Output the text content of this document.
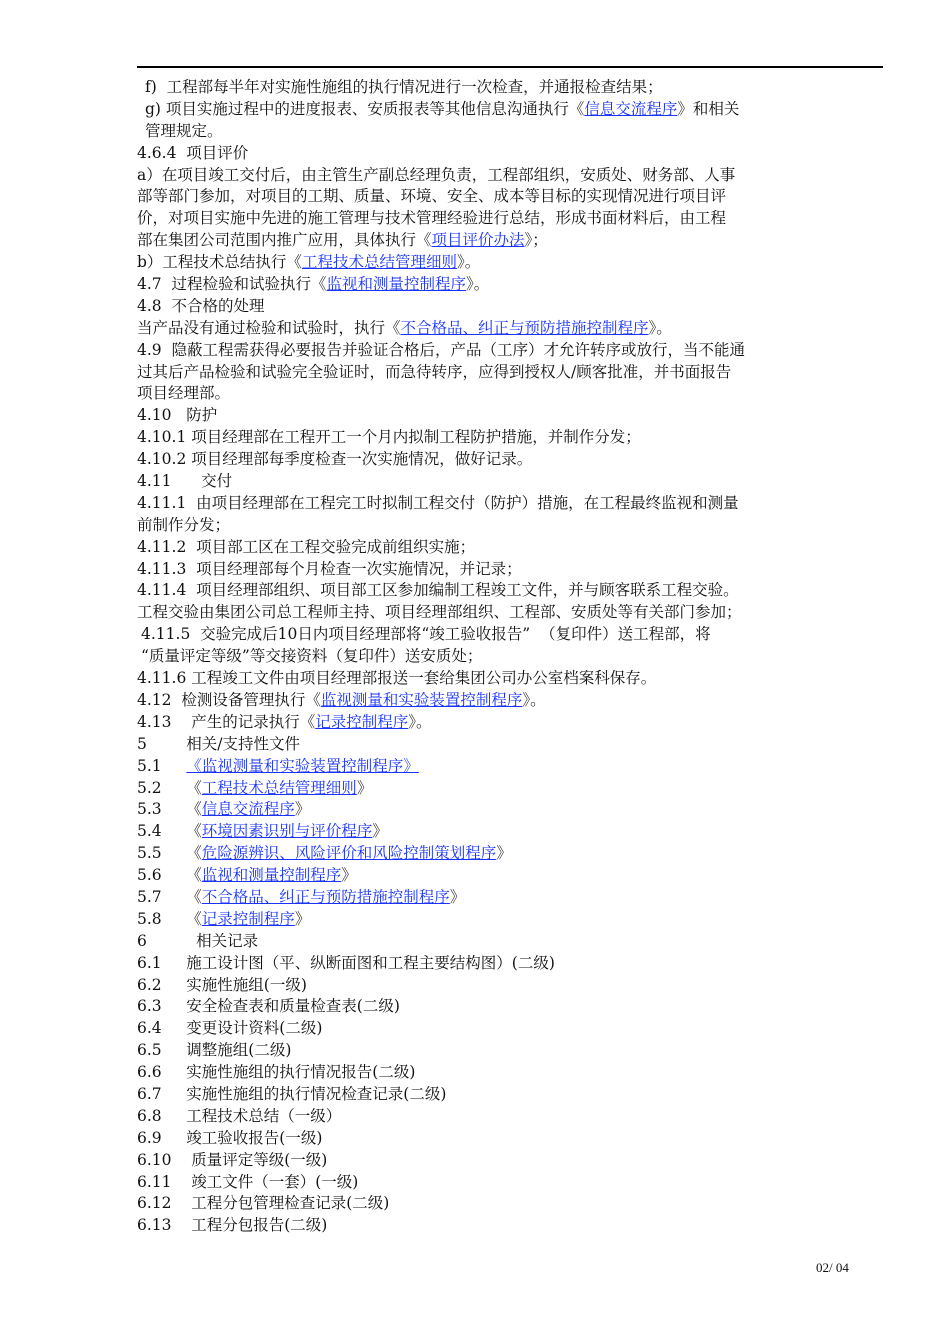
f)  工程部每半年对实施性施组的执行情况进行一次检查，并通报检查结果；
g) 项目实施过程中的进度报表、安质报表等其他信息沟通执行《信息交流程序》和相关
管理规定。
4.6.4  项目评价
a）在项目竣工交付后，由主管生产副总经理负责，工程部组织，安质处、财务部、人事
部等部门参加，对项目的工期、质量、环境、安全、成本等目标的实现情况进行项目评
价，对项目实施中先进的施工管理与技术管理经验进行总结，形成书面材料后，由工程
部在集团公司范围内推广应用，具体执行《项目评价办法》；
b）工程技术总结执行《工程技术总结管理细则》。
4.7  过程检验和试验执行《监视和测量控制程序》。
4.8  不合格的处理
当产品没有通过检验和试验时，执行《不合格品、纠正与预防措施控制程序》。
4.9  隐蔽工程需获得必要报告并验证合格后，产品（工序）才允许转序或放行，当不能通
过其后产品检验和试验完全验证时，而急待转序，应得到授权人/顾客批准，并书面报告
项目经理部。
4.10   防护
4.10.1 项目经理部在工程开工一个月内拟制工程防护措施，并制作分发；
4.10.2 项目经理部每季度检查一次实施情况，做好记录。
4.11      交付
4.11.1  由项目经理部在工程完工时拟制工程交付（防护）措施，在工程最终监视和测量
前制作分发；
4.11.2  项目部工区在工程交验完成前组织实施；
4.11.3  项目经理部每个月检查一次实施情况，并记录；
4.11.4  项目经理部组织、项目部工区参加编制工程竣工文件，并与顾客联系工程交验。
工程交验由集团公司总工程师主持、项目经理部组织、工程部、安质处等有关部门参加；
4.11.5  交验完成后10日内项目经理部将“竣工验收报告”  （复印件）送工程部，将
“质量评定等级”等交接资料（复印件）送安质处；
4.11.6 工程竣工文件由项目经理部报送一套给集团公司办公室档案科保存。
4.12  检测设备管理执行《监视测量和实验装置控制程序》。
4.13    产生的记录执行《记录控制程序》。
5        相关/支持性文件
5.1     《监视测量和实验装置控制程序》
5.2     《工程技术总结管理细则》
5.3     《信息交流程序》
5.4     《环境因素识别与评价程序》
5.5     《危险源辨识、风险评价和风险控制策划程序》
5.6     《监视和测量控制程序》
5.7     《不合格品、纠正与预防措施控制程序》
5.8     《记录控制程序》
6          相关记录
6.1     施工设计图（平、纵断面图和工程主要结构图）(二级)
6.2     实施性施组(一级)
6.3     安全检查表和质量检查表(二级)
6.4     变更设计资料(二级)
6.5     调整施组(二级)
6.6     实施性施组的执行情况报告(二级)
6.7     实施性施组的执行情况检查记录(二级)
6.8     工程技术总结（一级）
6.9     竣工验收报告(一级)
6.10    质量评定等级(一级)
6.11    竣工文件（一套）(一级)
6.12    工程分包管理检查记录(二级)
6.13    工程分包报告(二级)
02/ 04
